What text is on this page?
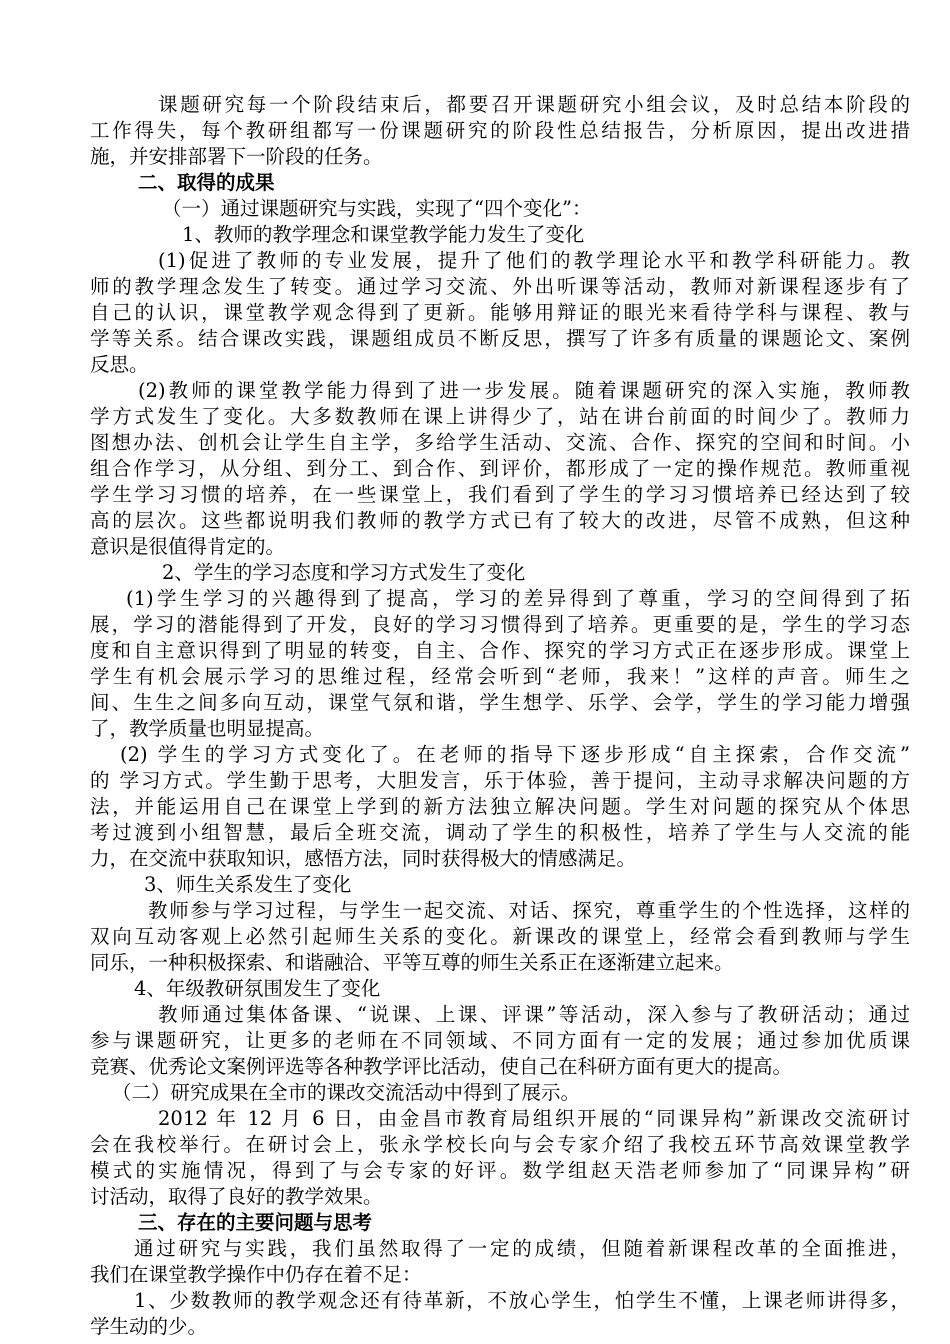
课题研究每一个阶段结束后，都要召开课题研究小组会议，及时总结本阶段的
工作得失，每个教研组都写一份课题研究的阶段性总结报告，分析原因，提出改进措
施，并安排部署下一阶段的任务。
二、取得的成果
（一）通过课题研究与实践，实现了“四个变化”：
1、教师的教学理念和课堂教学能力发生了变化
(1)促进了教师的专业发展，提升了他们的教学理论水平和教学科研能力。教
师的教学理念发生了转变。通过学习交流、外出听课等活动，教师对新课程逐步有了
自己的认识，课堂教学观念得到了更新。能够用辩证的眼光来看待学科与课程、教与
学等关系。结合课改实践，课题组成员不断反思，撰写了许多有质量的课题论文、案例
反思。
(2)教师的课堂教学能力得到了进一步发展。随着课题研究的深入实施，教师教
学方式发生了变化。大多数教师在课上讲得少了，站在讲台前面的时间少了。教师力
图想办法、创机会让学生自主学，多给学生活动、交流、合作、探究的空间和时间。小
组合作学习，从分组、到分工、到合作、到评价，都形成了一定的操作规范。教师重视
学生学习习惯的培养，在一些课堂上，我们看到了学生的学习习惯培养已经达到了较
高的层次。这些都说明我们教师的教学方式已有了较大的改进，尽管不成熟，但这种
意识是很值得肯定的。
2、学生的学习态度和学习方式发生了变化
(1)学生学习的兴趣得到了提高，学习的差异得到了尊重，学习的空间得到了拓
展，学习的潜能得到了开发，良好的学习习惯得到了培养。更重要的是，学生的学习态
度和自主意识得到了明显的转变，自主、合作、探究的学习方式正在逐步形成。课堂上
学生有机会展示学习的思维过程，经常会听到“老师，我来！”这样的声音。师生之
间、生生之间多向互动，课堂气氛和谐，学生想学、乐学、会学，学生的学习能力增强
了，教学质量也明显提高。
(2) 学生的学习方式变化了。在老师的指导下逐步形成“自主探索，合作交流”
的 学习方式。学生勤于思考，大胆发言，乐于体验，善于提问，主动寻求解决问题的方
法，并能运用自己在课堂上学到的新方法独立解决问题。学生对问题的探究从个体思
考过渡到小组智慧，最后全班交流，调动了学生的积极性，培养了学生与人交流的能
力，在交流中获取知识，感悟方法，同时获得极大的情感满足。
3、师生关系发生了变化
教师参与学习过程，与学生一起交流、对话、探究，尊重学生的个性选择，这样的
双向互动客观上必然引起师生关系的变化。新课改的课堂上，经常会看到教师与学生
同乐，一种积极探索、和谐融洽、平等互尊的师生关系正在逐渐建立起来。
4、年级教研氛围发生了变化
教师通过集体备课、“说课、上课、评课”等活动，深入参与了教研活动；通过
参与课题研究，让更多的老师在不同领域、不同方面有一定的发展；通过参加优质课
竞赛、优秀论文案例评选等各种教学评比活动，使自己在科研方面有更大的提高。
（二）研究成果在全市的课改交流活动中得到了展示。
2012 年 12 月 6 日，由金昌市教育局组织开展的“同课异构”新课改交流研讨
会在我校举行。在研讨会上，张永学校长向与会专家介绍了我校五环节高效课堂教学
模式的实施情况，得到了与会专家的好评。数学组赵天浩老师参加了“同课异构”研
讨活动，取得了良好的教学效果。
三、存在的主要问题与思考
通过研究与实践，我们虽然取得了一定的成绩，但随着新课程改革的全面推进，
我们在课堂教学操作中仍存在着不足：
1、少数教师的教学观念还有待革新，不放心学生，怕学生不懂，上课老师讲得多，
学生动的少。
